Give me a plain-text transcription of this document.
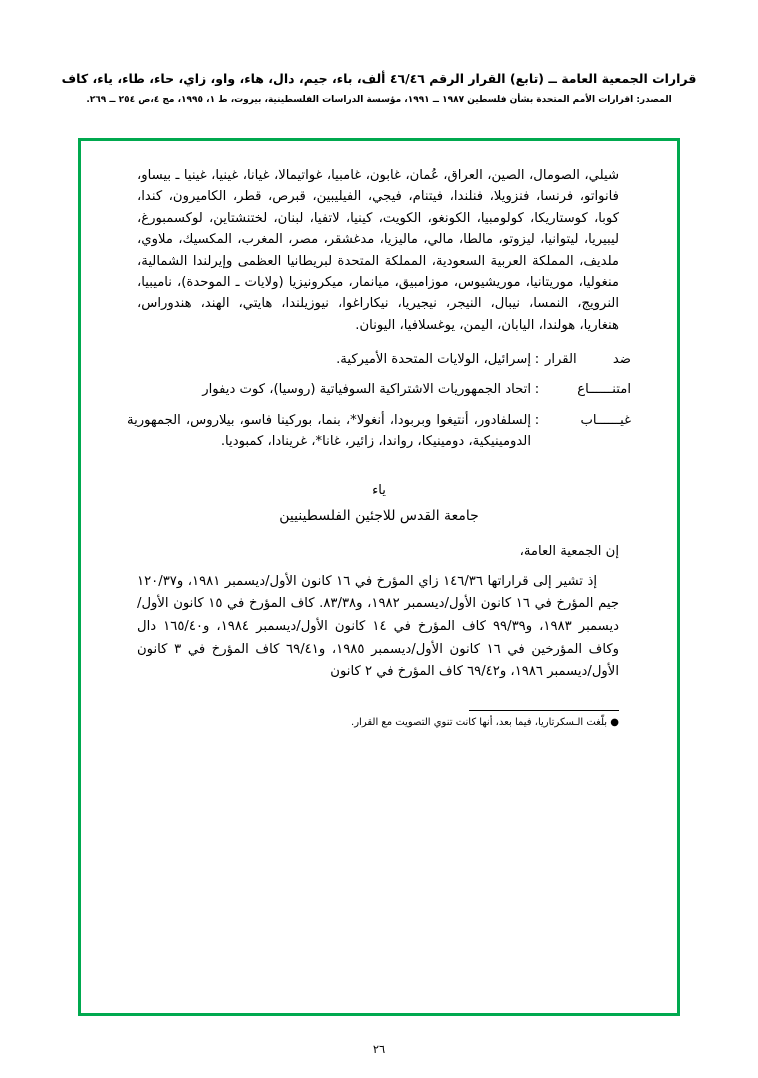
قرارات الجمعية العامة ــ (تابع) القرار الرقم ٤٦/٤٦ ألف، باء، جيم، دال، هاء، واو، زاي، حاء، طاء، ياء، كاف
المصدر: اقرارات الأمم المتحدة بشأن فلسطين ١٩٨٧ ــ ١٩٩١، مؤسسة الدراسات الفلسطينية، بيروت، ط ١، ١٩٩٥، مج ٤،ص ٢٥٤ ــ ٢٦٩.

شيلي، الصومال، الصين، العراق، عُمان، غابون، غامبيا، غواتيمالا، غيانا، غينيا، غينيا ـ بيساو، فانواتو، فرنسا، فنزويلا، فنلندا، فيتنام، فيجي، الفيليبين، قبرص، قطر، الكاميرون، كندا، كوبا، كوستاريكا، كولومبيا، الكونغو، الكويت، كينيا، لاتفيا، لبنان، لختنشتاين، لوكسمبورغ، ليبيريا، ليتوانيا، ليزوتو، مالطا، مالي، ماليزيا، مدغشقر، مصر، المغرب، المكسيك، ملاوي، ملديف، المملكة العربية السعودية، المملكة المتحدة لبريطانيا العظمى وإيرلندا الشمالية، منغوليا، موريتانيا، موريشيوس، موزامبيق، ميانمار، ميكرونيزيا (ولايات ـ الموحدة)، ناميبيا، النرويج، النمسا، نيبال، النيجر، نيجيريا، نيكاراغوا، نيوزيلندا، هايتي، الهند، هندوراس، هنغاريا، هولندا، اليابان، اليمن، يوغسلافيا، اليونان.

ضد القرار
:
إسرائيل، الولايات المتحدة الأميركية.
امتنــــــاع
:
اتحاد الجمهوريات الاشتراكية السوفياتية (روسيا)، كوت ديفوار
غيــــــاب
:
إلسلفادور، أنتيغوا وبربودا، أنغولا*، بنما، بوركينا فاسو، بيلاروس، الجمهورية الدومينيكية، دومينيكا، رواندا، زائير، غانا*، غرينادا، كمبوديا.
ياء
جامعة القدس للاجئين الفلسطينيين
إن الجمعية العامة،

إذ تشير إلى قراراتها ١٤٦/٣٦ زاي المؤرخ في ١٦ كانون الأول/ديسمبر ١٩٨١، و١٢٠/٣٧ جيم المؤرخ في ١٦ كانون الأول/ديسمبر ١٩٨٢، و٨٣/٣٨. كاف المؤرخ في ١٥ كانون الأول/ديسمبر ١٩٨٣، و٩٩/٣٩ كاف المؤرخ في ١٤ كانون الأول/ديسمبر ١٩٨٤، و١٦٥/٤٠ دال وكاف المؤرخين في ١٦ كانون الأول/ديسمبر ١٩٨٥، و٦٩/٤١ كاف المؤرخ في ٣ كانون الأول/ديسمبر ١٩٨٦، و٦٩/٤٢ كاف المؤرخ في ٢ كانون

● بلّغت الـسكرتاريا، فيما بعد، أنها كانت تنوي التصويت مع القرار.
٢٦
